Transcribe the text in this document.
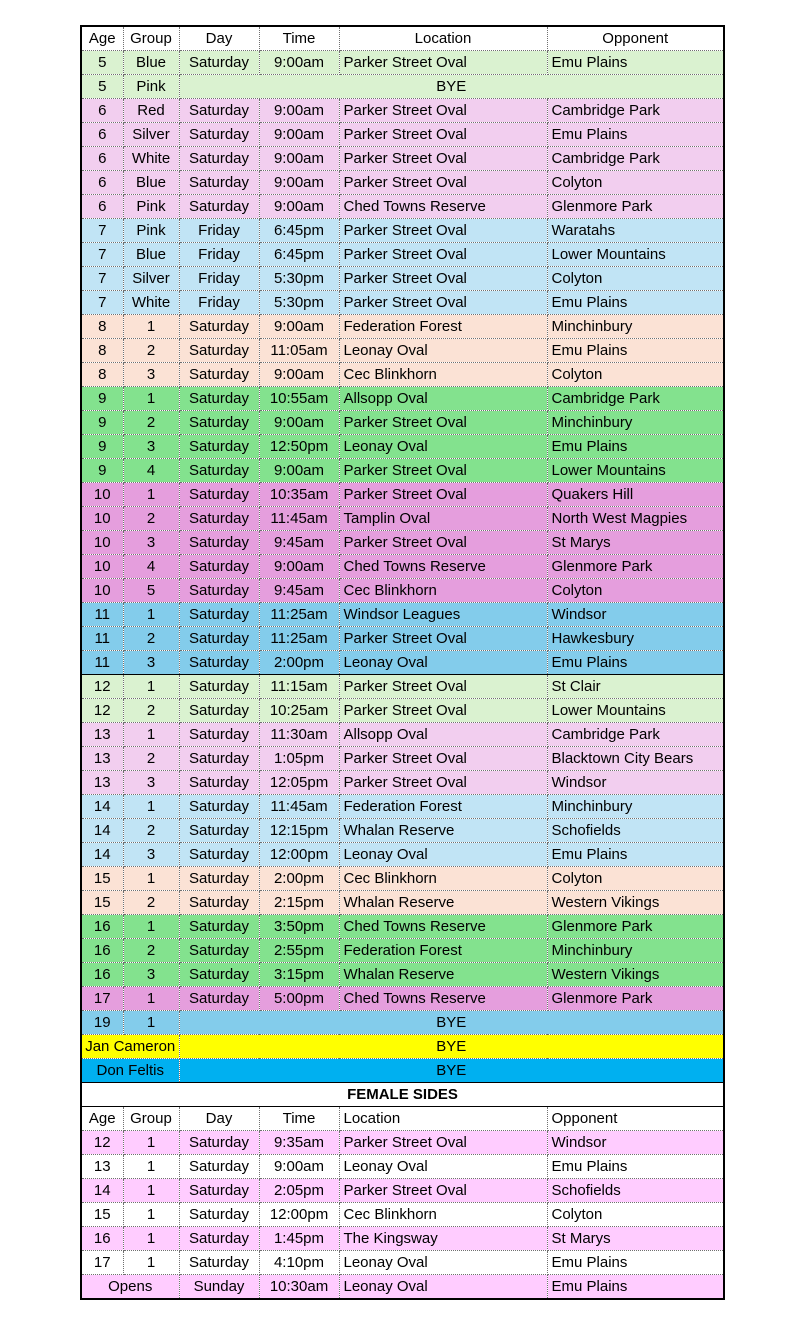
Age	Group	Day	Time	Location	Opponent
5	Blue	Saturday	9:00am	Parker Street Oval	Emu Plains
5	Pink	BYE			
6	Red	Saturday	9:00am	Parker Street Oval	Cambridge Park
6	Silver	Saturday	9:00am	Parker Street Oval	Emu Plains
6	White	Saturday	9:00am	Parker Street Oval	Cambridge Park
6	Blue	Saturday	9:00am	Parker Street Oval	Colyton
6	Pink	Saturday	9:00am	Ched Towns Reserve	Glenmore Park
7	Pink	Friday	6:45pm	Parker Street Oval	Waratahs
7	Blue	Friday	6:45pm	Parker Street Oval	Lower Mountains
7	Silver	Friday	5:30pm	Parker Street Oval	Colyton
7	White	Friday	5:30pm	Parker Street Oval	Emu Plains
8	1	Saturday	9:00am	Federation Forest	Minchinbury
8	2	Saturday	11:05am	Leonay Oval	Emu Plains
8	3	Saturday	9:00am	Cec Blinkhorn	Colyton
9	1	Saturday	10:55am	Allsopp Oval	Cambridge Park
9	2	Saturday	9:00am	Parker Street Oval	Minchinbury
9	3	Saturday	12:50pm	Leonay Oval	Emu Plains
9	4	Saturday	9:00am	Parker Street Oval	Lower Mountains
10	1	Saturday	10:35am	Parker Street Oval	Quakers Hill
10	2	Saturday	11:45am	Tamplin Oval	North West Magpies
10	3	Saturday	9:45am	Parker Street Oval	St Marys
10	4	Saturday	9:00am	Ched Towns Reserve	Glenmore Park
10	5	Saturday	9:45am	Cec Blinkhorn	Colyton
11	1	Saturday	11:25am	Windsor Leagues	Windsor
11	2	Saturday	11:25am	Parker Street Oval	Hawkesbury
11	3	Saturday	2:00pm	Leonay Oval	Emu Plains
12	1	Saturday	11:15am	Parker Street Oval	St Clair
12	2	Saturday	10:25am	Parker Street Oval	Lower Mountains
13	1	Saturday	11:30am	Allsopp Oval	Cambridge Park
13	2	Saturday	1:05pm	Parker Street Oval	Blacktown City Bears
13	3	Saturday	12:05pm	Parker Street Oval	Windsor
14	1	Saturday	11:45am	Federation Forest	Minchinbury
14	2	Saturday	12:15pm	Whalan Reserve	Schofields
14	3	Saturday	12:00pm	Leonay Oval	Emu Plains
15	1	Saturday	2:00pm	Cec Blinkhorn	Colyton
15	2	Saturday	2:15pm	Whalan Reserve	Western Vikings
16	1	Saturday	3:50pm	Ched Towns Reserve	Glenmore Park
16	2	Saturday	2:55pm	Federation Forest	Minchinbury
16	3	Saturday	3:15pm	Whalan Reserve	Western Vikings
17	1	Saturday	5:00pm	Ched Towns Reserve	Glenmore Park
19	1	BYE			
Jan Cameron		BYE			
Don Feltis		BYE			
FEMALE SIDES					
Age	Group	Day	Time	Location	Opponent
12	1	Saturday	9:35am	Parker Street Oval	Windsor
13	1	Saturday	9:00am	Leonay Oval	Emu Plains
14	1	Saturday	2:05pm	Parker Street Oval	Schofields
15	1	Saturday	12:00pm	Cec Blinkhorn	Colyton
16	1	Saturday	1:45pm	The Kingsway	St Marys
17	1	Saturday	4:10pm	Leonay Oval	Emu Plains
Opens		Sunday	10:30am	Leonay Oval	Emu Plains
